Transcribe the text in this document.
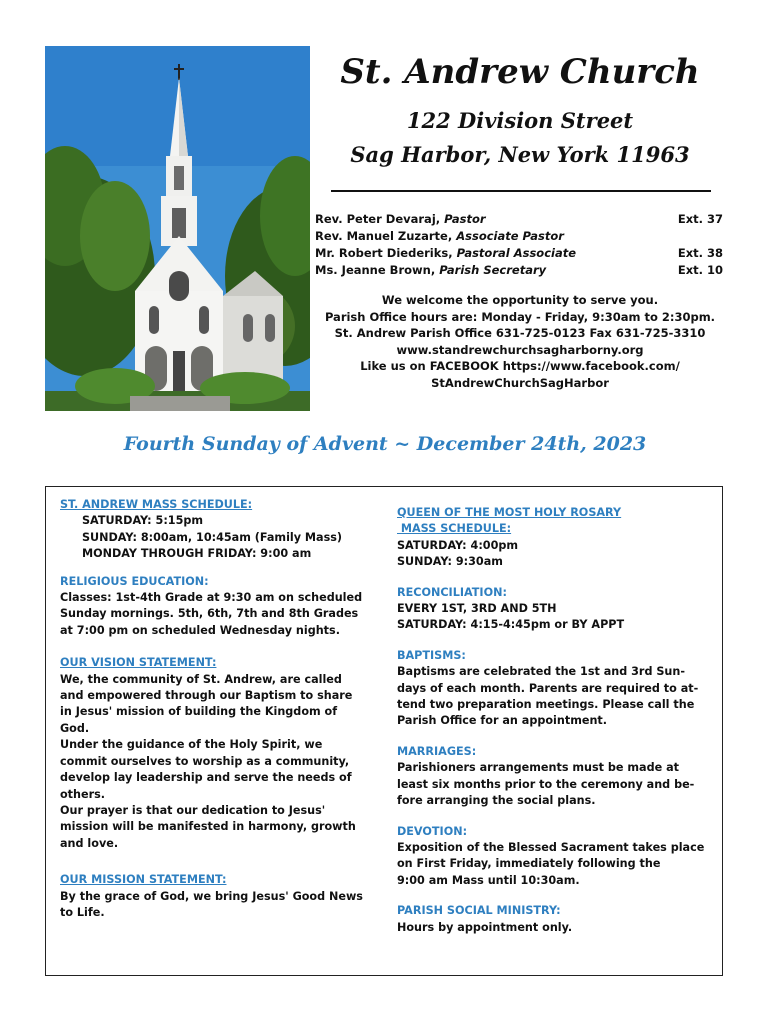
St. Andrew Church
122 Division Street
Sag Harbor, New York 11963
Rev. Peter Devaraj, Pastor	Ext. 37
Rev. Manuel Zuzarte, Associate Pastor
Mr. Robert Diederiks, Pastoral Associate	Ext. 38
Ms. Jeanne Brown, Parish Secretary	Ext. 10
We welcome the opportunity to serve you.
Parish Office hours are: Monday - Friday, 9:30am to 2:30pm.
St. Andrew Parish Office 631-725-0123 Fax 631-725-3310
www.standrewchurchsagharborny.org
Like us on FACEBOOK https://www.facebook.com/
StAndrewChurchSagHarbor
Fourth Sunday of Advent ~ December 24th, 2023
ST. ANDREW MASS SCHEDULE:
SATURDAY: 5:15pm
SUNDAY: 8:00am, 10:45am (Family Mass)
MONDAY THROUGH FRIDAY: 9:00 am
RELIGIOUS EDUCATION:
Classes: 1st-4th Grade at 9:30 am on scheduled
Sunday mornings. 5th, 6th, 7th and 8th Grades
at 7:00 pm on scheduled Wednesday nights.
OUR VISION STATEMENT:
We, the community of St. Andrew, are called
and empowered through our Baptism to share
in Jesus' mission of building the Kingdom of
God.
Under the guidance of the Holy Spirit, we
commit ourselves to worship as a community,
develop lay leadership and serve the needs of
others.
Our prayer is that our dedication to Jesus'
mission will be manifested in harmony, growth
and love.
OUR MISSION STATEMENT:
By the grace of God, we bring Jesus' Good News
to Life.
QUEEN OF THE MOST HOLY ROSARY
MASS SCHEDULE:
SATURDAY: 4:00pm
SUNDAY: 9:30am
RECONCILIATION:
EVERY 1ST, 3RD AND 5TH
SATURDAY: 4:15-4:45pm or BY APPT
BAPTISMS:
Baptisms are celebrated the 1st and 3rd Sun-
days of each month. Parents are required to at-
tend two preparation meetings. Please call the
Parish Office for an appointment.
MARRIAGES:
Parishioners arrangements must be made at
least six months prior to the ceremony and be-
fore arranging the social plans.
DEVOTION:
Exposition of the Blessed Sacrament takes place
on First Friday, immediately following the
9:00 am Mass until 10:30am.
PARISH SOCIAL MINISTRY:
Hours by appointment only.
